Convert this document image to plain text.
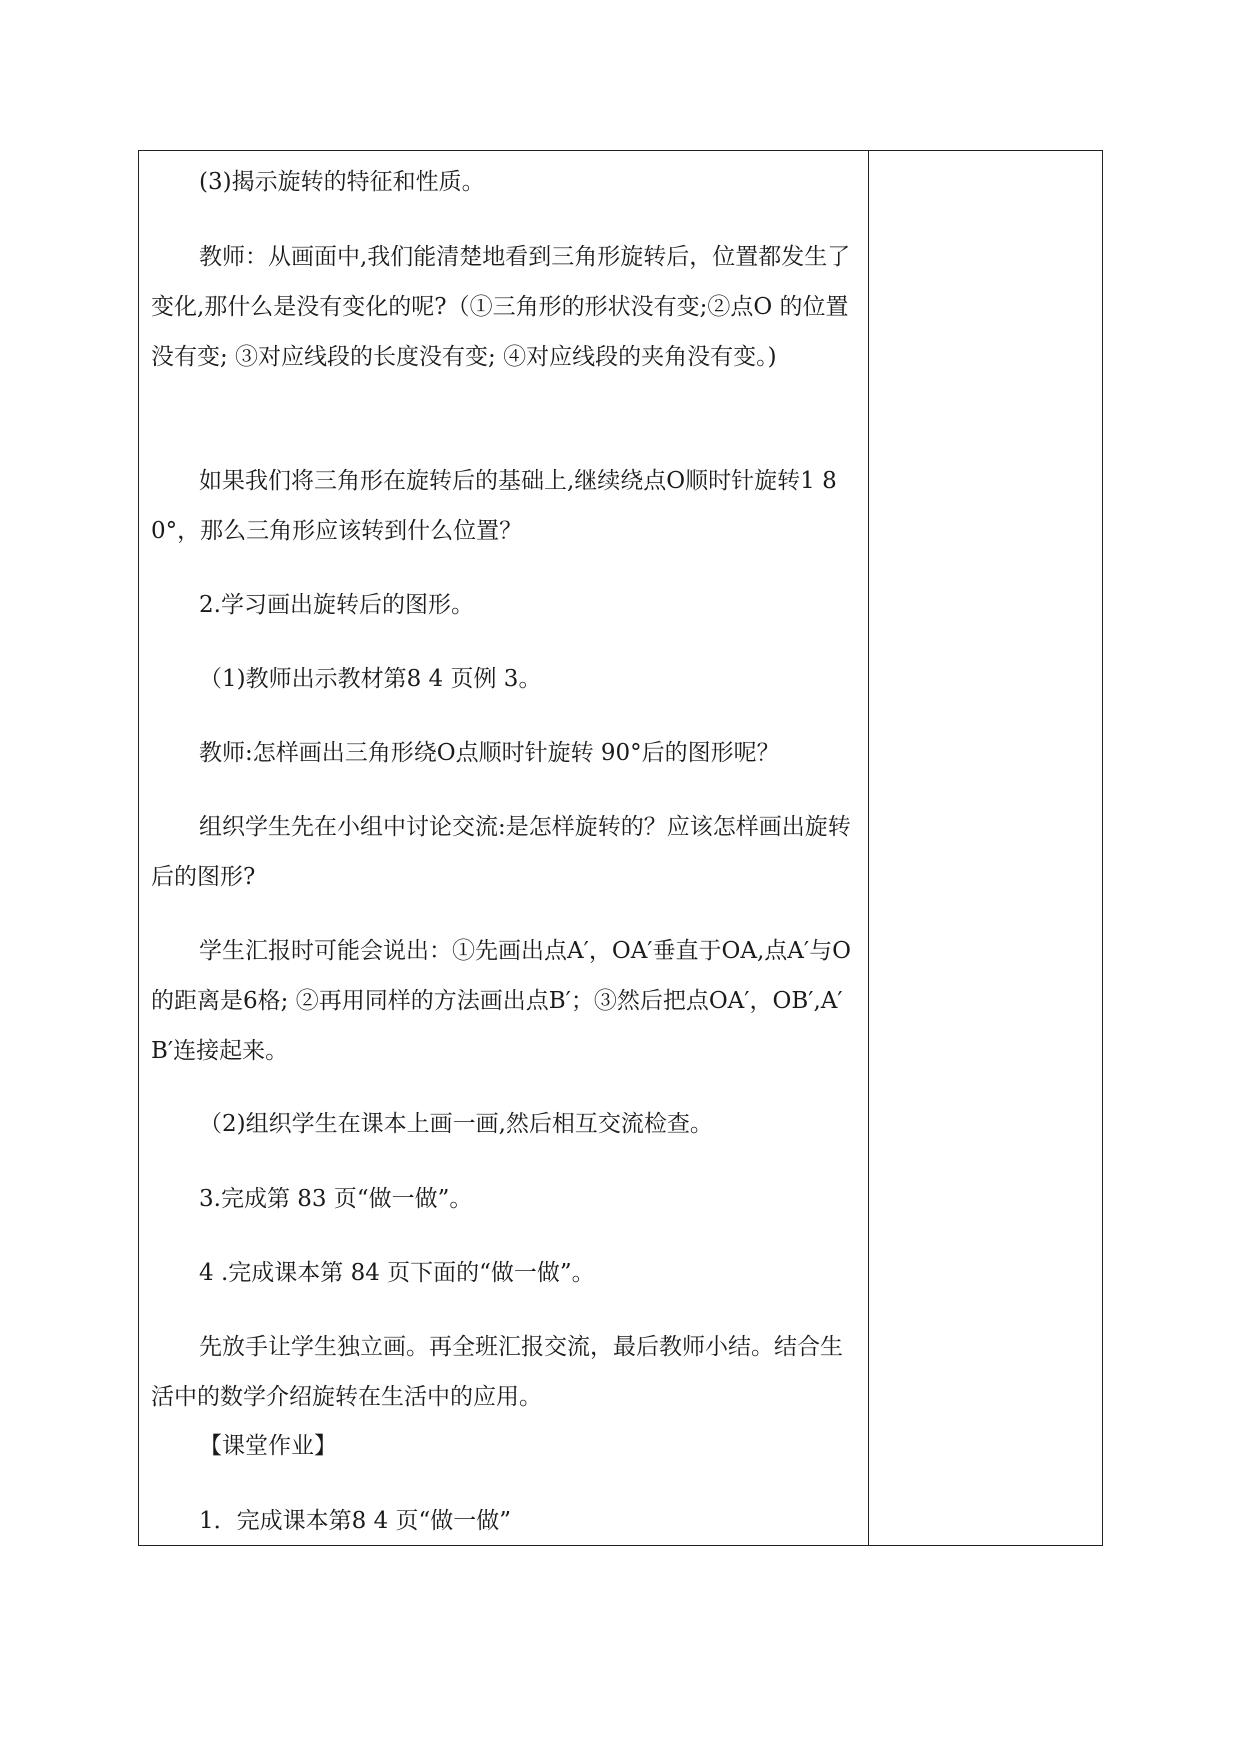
(3)揭示旋转的特征和性质。

教师：从画面中,我们能清楚地看到三角形旋转后，位置都发生了变化,那什么是没有变化的呢?（①三角形的形状没有变;②点O 的位置没有变; ③对应线段的长度没有变; ④对应线段的夹角没有变。)

如果我们将三角形在旋转后的基础上,继续绕点O顺时针旋转1 80°，那么三角形应该转到什么位置？

2.学习画出旋转后的图形。

（1)教师出示教材第8 4 页例 3。

教师:怎样画出三角形绕O点顺时针旋转 90°后的图形呢？

组织学生先在小组中讨论交流:是怎样旋转的？应该怎样画出旋转后的图形?

学生汇报时可能会说出：①先画出点A′，OA′垂直于OA,点A′与O的距离是6格; ②再用同样的方法画出点B′；③然后把点OA′，OB′,A′ B′连接起来。

（2)组织学生在课本上画一画,然后相互交流检查。

3.完成第 83 页“做一做”。

4 .完成课本第 84 页下面的“做一做”。

先放手让学生独立画。再全班汇报交流，最后教师小结。结合生活中的数学介绍旋转在生活中的应用。

【课堂作业】

1．完成课本第8 4 页“做一做”
